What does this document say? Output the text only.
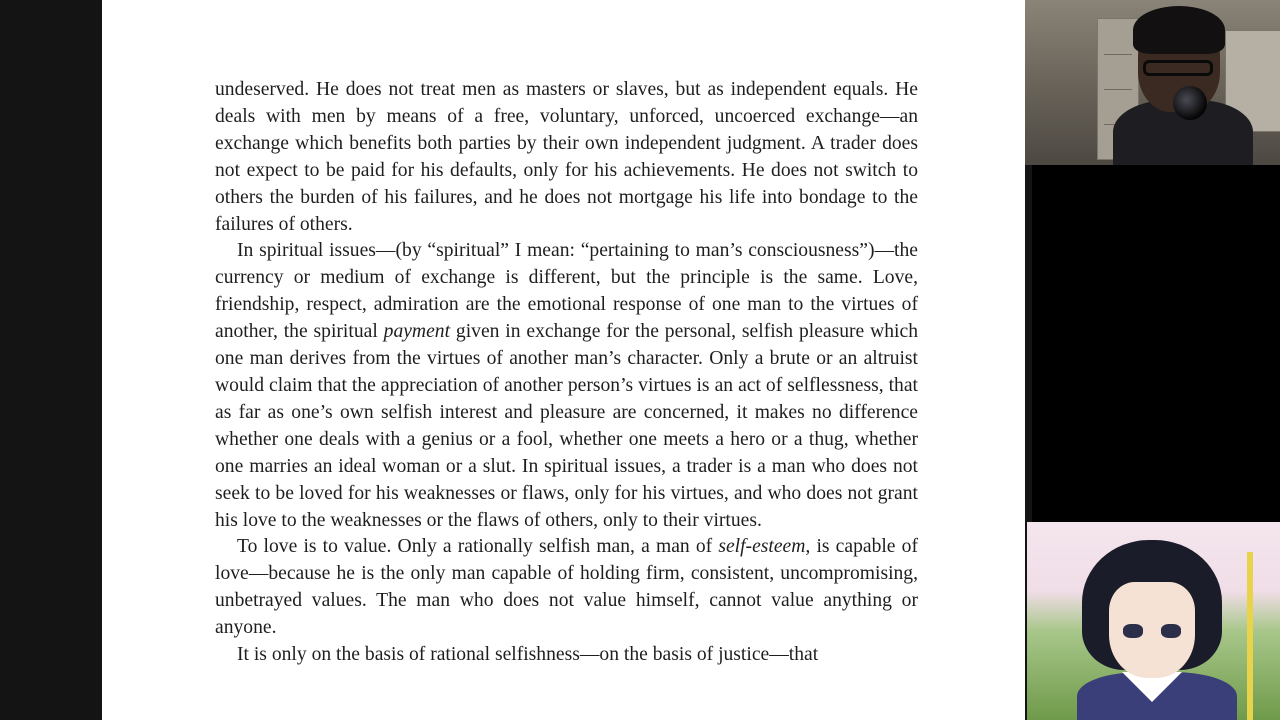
undeserved. He does not treat men as masters or slaves, but as independent equals. He deals with men by means of a free, voluntary, unforced, uncoerced exchange—an exchange which benefits both parties by their own independent judgment. A trader does not expect to be paid for his defaults, only for his achievements. He does not switch to others the burden of his failures, and he does not mortgage his life into bondage to the failures of others.

In spiritual issues—(by “spiritual” I mean: “pertaining to man’s consciousness”)—the currency or medium of exchange is different, but the principle is the same. Love, friendship, respect, admiration are the emotional response of one man to the virtues of another, the spiritual payment given in exchange for the personal, selfish pleasure which one man derives from the virtues of another man’s character. Only a brute or an altruist would claim that the appreciation of another person’s virtues is an act of selflessness, that as far as one’s own selfish interest and pleasure are concerned, it makes no difference whether one deals with a genius or a fool, whether one meets a hero or a thug, whether one marries an ideal woman or a slut. In spiritual issues, a trader is a man who does not seek to be loved for his weaknesses or flaws, only for his virtues, and who does not grant his love to the weaknesses or the flaws of others, only to their virtues.

To love is to value. Only a rationally selfish man, a man of self-esteem, is capable of love—because he is the only man capable of holding firm, consistent, uncompromising, unbetrayed values. The man who does not value himself, cannot value anything or anyone.

It is only on the basis of rational selfishness—on the basis of justice—that
